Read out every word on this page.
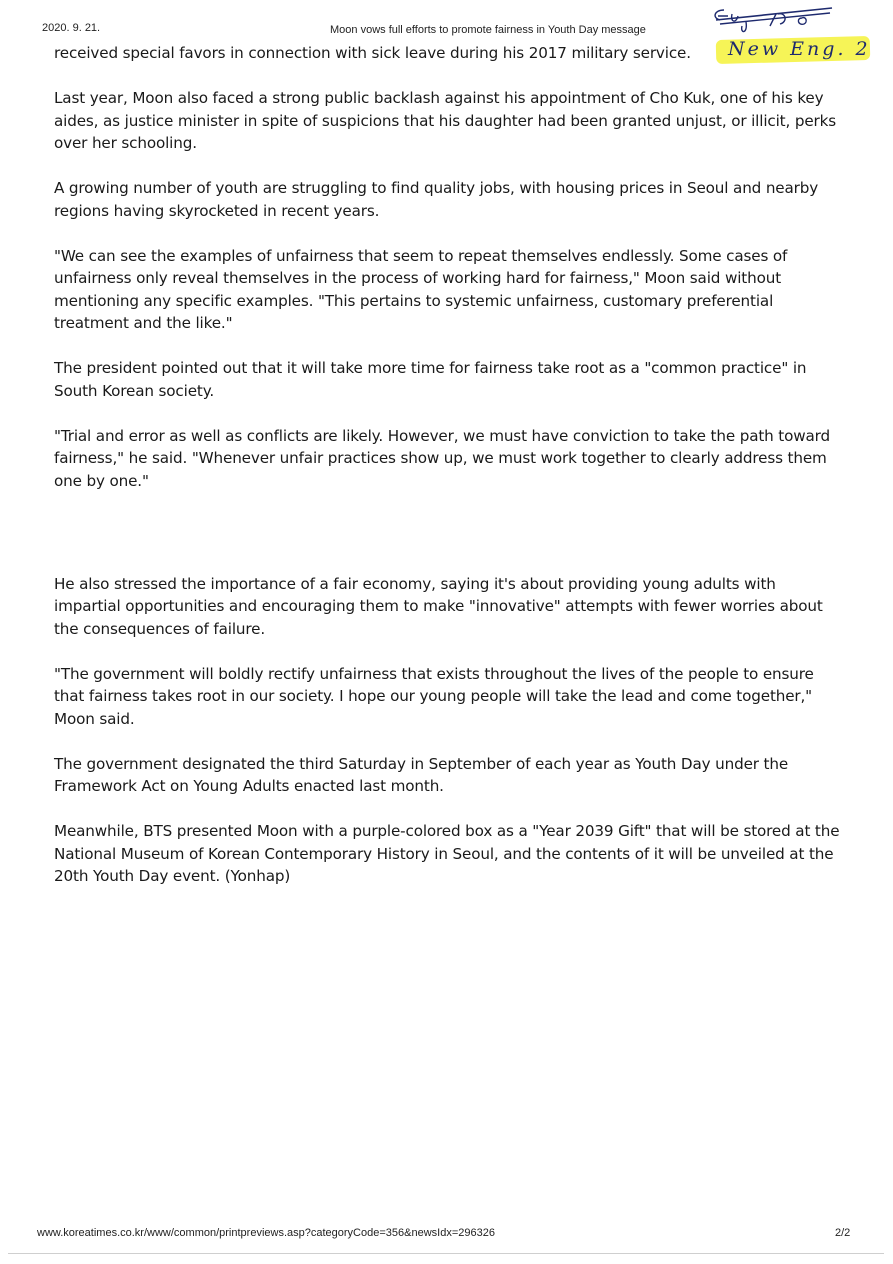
2020. 9. 21.	Moon vows full efforts to promote fairness in Youth Day message
New Eng. 2

received special favors in connection with sick leave during his 2017 military service.

Last year, Moon also faced a strong public backlash against his appointment of Cho Kuk, one of his key aides, as justice minister in spite of suspicions that his daughter had been granted unjust, or illicit, perks over her schooling.

A growing number of youth are struggling to find quality jobs, with housing prices in Seoul and nearby regions having skyrocketed in recent years.

"We can see the examples of unfairness that seem to repeat themselves endlessly. Some cases of unfairness only reveal themselves in the process of working hard for fairness," Moon said without mentioning any specific examples. "This pertains to systemic unfairness, customary preferential treatment and the like."

The president pointed out that it will take more time for fairness take root as a "common practice" in South Korean society.

"Trial and error as well as conflicts are likely. However, we must have conviction to take the path toward fairness," he said. "Whenever unfair practices show up, we must work together to clearly address them one by one."

He also stressed the importance of a fair economy, saying it's about providing young adults with impartial opportunities and encouraging them to make "innovative" attempts with fewer worries about the consequences of failure.

"The government will boldly rectify unfairness that exists throughout the lives of the people to ensure that fairness takes root in our society. I hope our young people will take the lead and come together," Moon said.

The government designated the third Saturday in September of each year as Youth Day under the Framework Act on Young Adults enacted last month.

Meanwhile, BTS presented Moon with a purple-colored box as a "Year 2039 Gift" that will be stored at the National Museum of Korean Contemporary History in Seoul, and the contents of it will be unveiled at the 20th Youth Day event. (Yonhap)

www.koreatimes.co.kr/www/common/printpreviews.asp?categoryCode=356&newsIdx=296326	2/2
